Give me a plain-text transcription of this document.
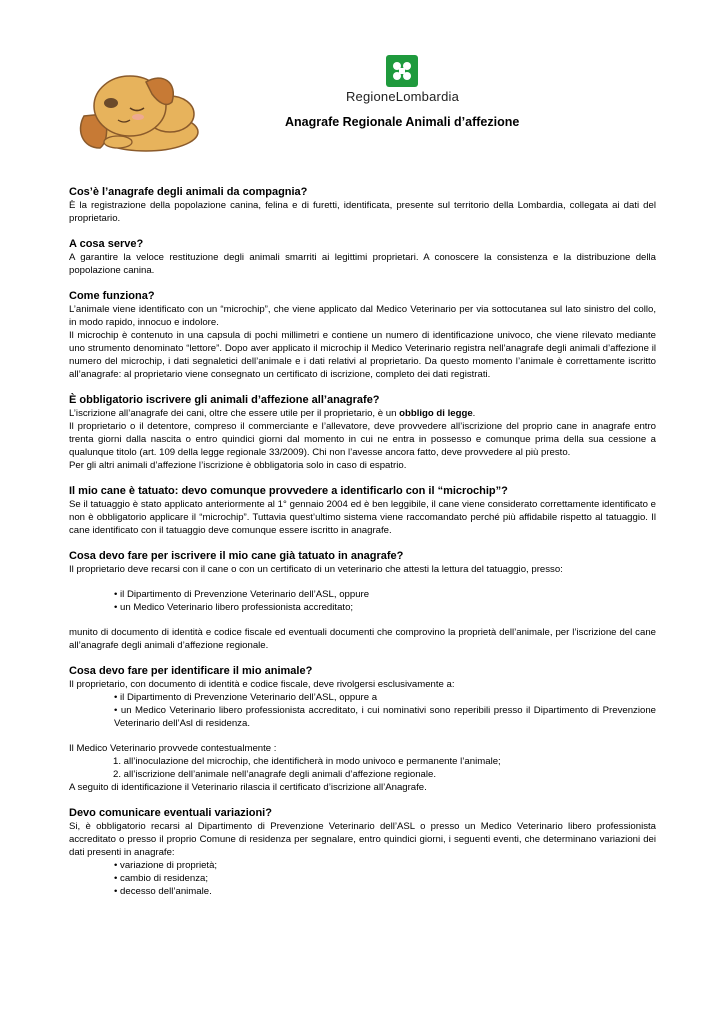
RegioneLombardia
Anagrafe Regionale Animali d’affezione
Cos’è l’anagrafe degli animali da compagnia?

È la registrazione della popolazione canina, felina e di furetti, identificata, presente sul territorio della Lombardia, collegata ai dati del proprietario.

A cosa serve?

A garantire la veloce restituzione degli animali smarriti ai legittimi proprietari. A conoscere la consistenza e la distribuzione della popolazione canina.

Come funziona?

L’animale viene identificato con un “microchip”, che viene applicato dal Medico Veterinario per via sottocutanea sul lato sinistro del collo, in modo rapido, innocuo e indolore.

Il microchip è contenuto in una capsula di pochi millimetri e contiene un numero di identificazione univoco, che viene rilevato mediante uno strumento denominato “lettore”. Dopo aver applicato il microchip il Medico Veterinario registra nell’anagrafe degli animali d’affezione il numero del microchip, i dati segnaletici dell’animale e i dati relativi al proprietario. Da questo momento l’animale è correttamente iscritto all’anagrafe: al proprietario viene consegnato un certificato di iscrizione, completo dei dati registrati.

È obbligatorio iscrivere gli animali d’affezione all’anagrafe?

L’iscrizione all’anagrafe dei cani, oltre che essere utile per il proprietario, è un obbligo di legge.

Il proprietario o il detentore, compreso il commerciante e l’allevatore, deve provvedere all’iscrizione del proprio cane in anagrafe entro trenta giorni dalla nascita o entro quindici giorni dal momento in cui ne entra in possesso e comunque prima della sua cessione a qualunque titolo (art. 109 della legge regionale 33/2009). Chi non l’avesse ancora fatto, deve provvedere al più presto.

Per gli altri animali d’affezione l’iscrizione è obbligatoria solo in caso di espatrio.

Il mio cane è tatuato: devo comunque provvedere a identificarlo con il “microchip”?

Se il tatuaggio è stato applicato anteriormente al 1° gennaio 2004 ed è ben leggibile, il cane viene considerato correttamente identificato e non è obbligatorio applicare il “microchip”. Tuttavia quest’ultimo sistema viene raccomandato perché più affidabile rispetto al tatuaggio. Il cane identificato con il tatuaggio deve comunque essere iscritto in anagrafe.

Cosa devo fare per iscrivere il mio cane già tatuato in anagrafe?

Il proprietario deve recarsi con il cane o con un certificato di un veterinario che attesti la lettura del tatuaggio, presso:

• il Dipartimento di Prevenzione Veterinario dell’ASL, oppure
• un Medico Veterinario libero professionista accreditato;

munito di documento di identità e codice fiscale ed eventuali documenti che comprovino la proprietà dell’animale, per l’iscrizione del cane all’anagrafe degli animali d’affezione regionale.

Cosa devo fare per identificare il mio animale?

Il proprietario, con documento di identità e codice fiscale, deve rivolgersi esclusivamente a:

• il Dipartimento di Prevenzione Veterinario dell’ASL, oppure a
• un Medico Veterinario libero professionista accreditato, i cui nominativi sono reperibili presso il Dipartimento di Prevenzione Veterinario dell’Asl di residenza.

Il Medico Veterinario provvede contestualmente :

1. all’inoculazione del microchip, che identificherà in modo univoco e permanente l’animale;
2. all’iscrizione dell’animale nell’anagrafe degli animali d’affezione regionale.

A seguito di identificazione il Veterinario rilascia il certificato d’iscrizione all’Anagrafe.

Devo comunicare eventuali variazioni?

Si, è obbligatorio recarsi al Dipartimento di Prevenzione Veterinario dell’ASL o presso un Medico Veterinario libero professionista accreditato o presso il proprio Comune di residenza per segnalare, entro quindici giorni, i seguenti eventi, che determinano variazioni dei dati presenti in anagrafe:

• variazione di proprietà;
• cambio di residenza;
• decesso dell’animale.
